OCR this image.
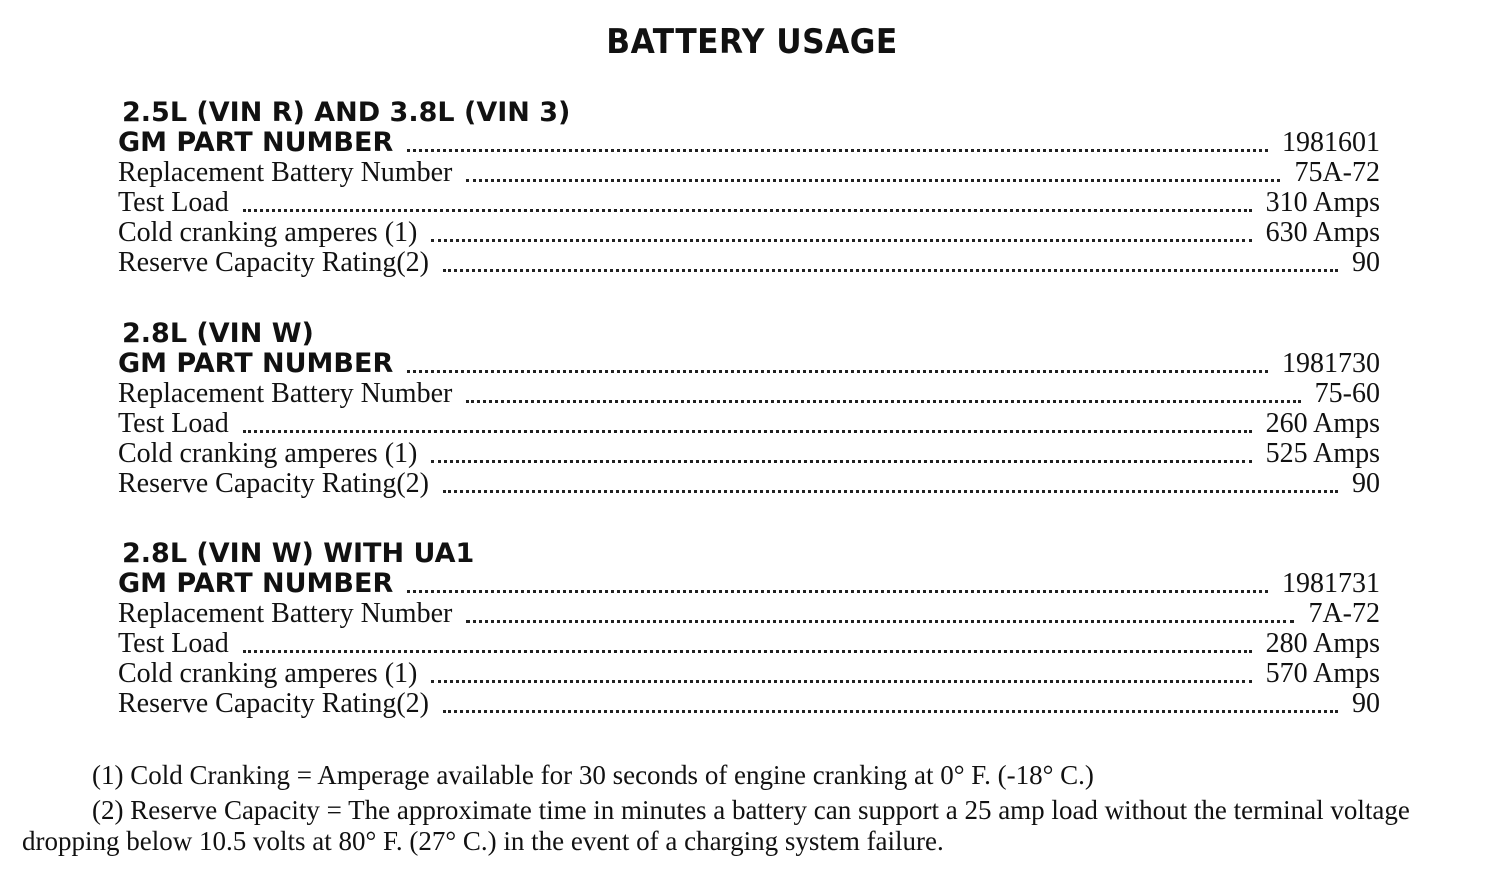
BATTERY USAGE
2.5L (VIN R) AND 3.8L (VIN 3)
GM PART NUMBER	1981601
Replacement Battery Number	75A-72
Test Load	310 Amps
Cold cranking amperes (1)	630 Amps
Reserve Capacity Rating(2)	90
2.8L (VIN W)
GM PART NUMBER	1981730
Replacement Battery Number	75-60
Test Load	260 Amps
Cold cranking amperes (1)	525 Amps
Reserve Capacity Rating(2)	90
2.8L (VIN W) WITH UA1
GM PART NUMBER	1981731
Replacement Battery Number	7A-72
Test Load	280 Amps
Cold cranking amperes (1)	570 Amps
Reserve Capacity Rating(2)	90
(1) Cold Cranking = Amperage available for 30 seconds of engine cranking at 0° F. (-18° C.)
(2) Reserve Capacity = The approximate time in minutes a battery can support a 25 amp load without the terminal voltage dropping below 10.5 volts at 80° F. (27° C.) in the event of a charging system failure.
